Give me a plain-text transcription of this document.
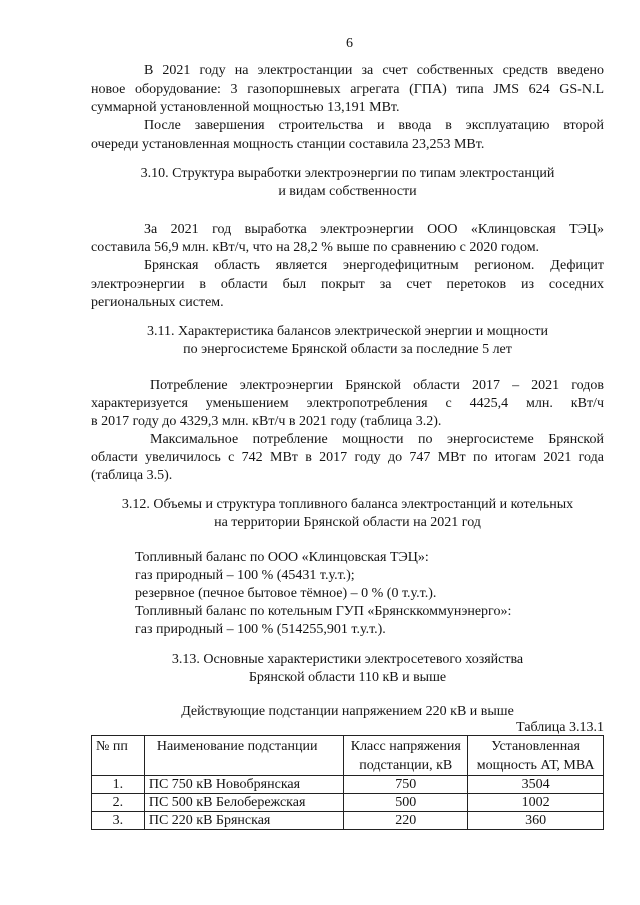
6
В 2021 году на электростанции за счет собственных средств введено
новое оборудование: 3 газопоршневых агрегата (ГПА) типа JMS 624 GS-N.L
суммарной установленной мощностью 13,191 МВт.
После завершения строительства и ввода в эксплуатацию второй
очереди установленная мощность станции составила 23,253 МВт.
3.10. Структура выработки электроэнергии по типам электростанций
и видам собственности
За 2021 год выработка электроэнергии ООО «Клинцовская ТЭЦ»
составила 56,9 млн. кВт/ч, что на 28,2 % выше по сравнению с 2020 годом.
Брянская область является энергодефицитным регионом. Дефицит
электроэнергии в области был покрыт за счет перетоков из соседних
региональных систем.
3.11. Характеристика балансов электрической энергии и мощности
по энергосистеме Брянской области за последние 5 лет
Потребление электроэнергии Брянской области 2017 – 2021 годов
характеризуется уменьшением электропотребления с 4425,4 млн. кВт/ч
в 2017 году до 4329,3 млн. кВт/ч в 2021 году (таблица 3.2).
Максимальное потребление мощности по энергосистеме Брянской
области увеличилось с 742 МВт в 2017 году до 747 МВт по итогам 2021 года
(таблица 3.5).
3.12. Объемы и структура топливного баланса электростанций и котельных
на территории Брянской области на 2021 год
Топливный баланс по ООО «Клинцовская ТЭЦ»:
газ природный – 100 % (45431 т.у.т.);
резервное (печное бытовое тёмное) – 0 % (0 т.у.т.).
Топливный баланс по котельным ГУП «Брянсккоммунэнерго»:
газ природный – 100 % (514255,901 т.у.т.).
3.13. Основные характеристики электросетевого хозяйства
Брянской области 110 кВ и выше
Действующие подстанции напряжением 220 кВ и выше
Таблица 3.13.1
№ пп	Наименование подстанции	Класс напряжения подстанции, кВ	Установленная мощность АТ, МВА
1.	ПС 750 кВ Новобрянская	750	3504
2.	ПС 500 кВ Белобережская	500	1002
3.	ПС 220 кВ Брянская	220	360
